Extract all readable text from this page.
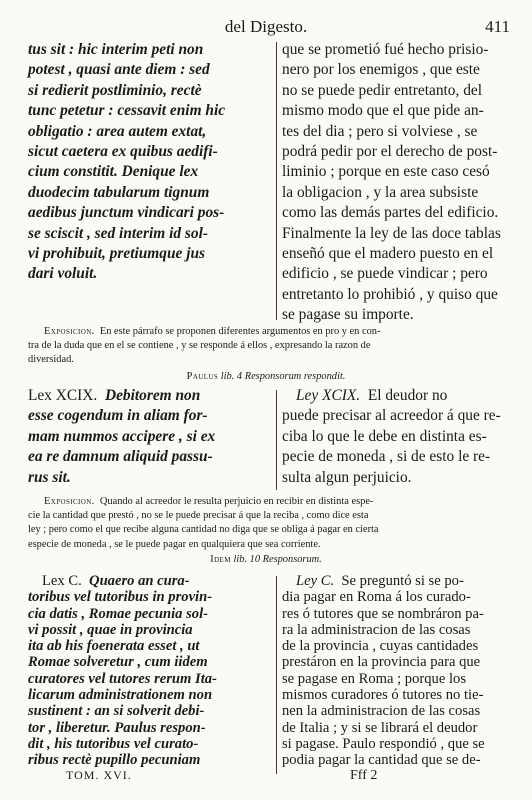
del Digesto.	411
tus sit : hic interim peti non
potest , quasi ante diem : sed
si redierit postliminio, rectè
tunc petetur : cessavit enim hic
obligatio : area autem extat,
sicut caetera ex quibus aedifi-
cium constitit. Denique lex
duodecim tabularum tignum
aedibus junctum vindicari pos-
se sciscit , sed interim id sol-
vi prohibuit, pretiumque jus
dari voluit.
que se prometió fué hecho prisio-
nero por los enemigos , que este
no se puede pedir entretanto, del
mismo modo que el que pide an-
tes del dia ; pero si volviese , se
podrá pedir por el derecho de post-
liminio ; porque en este caso cesó
la obligacion , y la area subsiste
como las demás partes del edificio.
Finalmente la ley de las doce tablas
enseñó que el madero puesto en el
edificio , se puede vindicar ; pero
entretanto lo prohibió , y quiso que
se pagase su importe.
Exposicion. En este párrafo se proponen diferentes argumentos en pro y en con-
tra de la duda que en el se contiene , y se responde á ellos , expresando la razon de
diversidad.
Paulus lib. 4 Responsorum respondit.
Lex XCIX. Debitorem non
esse cogendum in aliam for-
mam nummos accipere , si ex
ea re damnum aliquid passu-
rus sit.
Ley XCIX. El deudor no
puede precisar al acreedor á que re-
ciba lo que le debe en distinta es-
pecie de moneda , si de esto le re-
sulta algun perjuicio.
Exposicion. Quando al acreedor le resulta perjuicio en recibir en distinta espe-
cie la cantidad que prestó , no se le puede precisar á que la reciba , como dice esta
ley ; pero como el que recibe alguna cantidad no diga que se obliga á pagar en cierta
especie de moneda , se le puede pagar en qualquiera que sea corriente.
Idem lib. 10 Responsorum.
Lex C. Quaero an cura-
toribus vel tutoribus in provin-
cia datis , Romae pecunia sol-
vi possit , quae in provincia
ita ab his foenerata esset , ut
Romae solveretur , cum iidem
curatores vel tutores rerum Ita-
licarum administrationem non
sustinent : an si solverit debi-
tor , liberetur. Paulus respon-
dit , his tutoribus vel curato-
ribus rectè pupillo pecuniam
Ley C. Se preguntó si se po-
dia pagar en Roma á los curado-
res ó tutores que se nombráron pa-
ra la administracion de las cosas
de la provincia , cuyas cantidades
prestáron en la provincia para que
se pagase en Roma ; porque los
mismos curadores ó tutores no tie-
nen la administracion de las cosas
de Italia ; y si se librará el deudor
si pagase. Paulo respondió , que se
podia pagar la cantidad que se de-
TOM. XVI.	Fff 2
